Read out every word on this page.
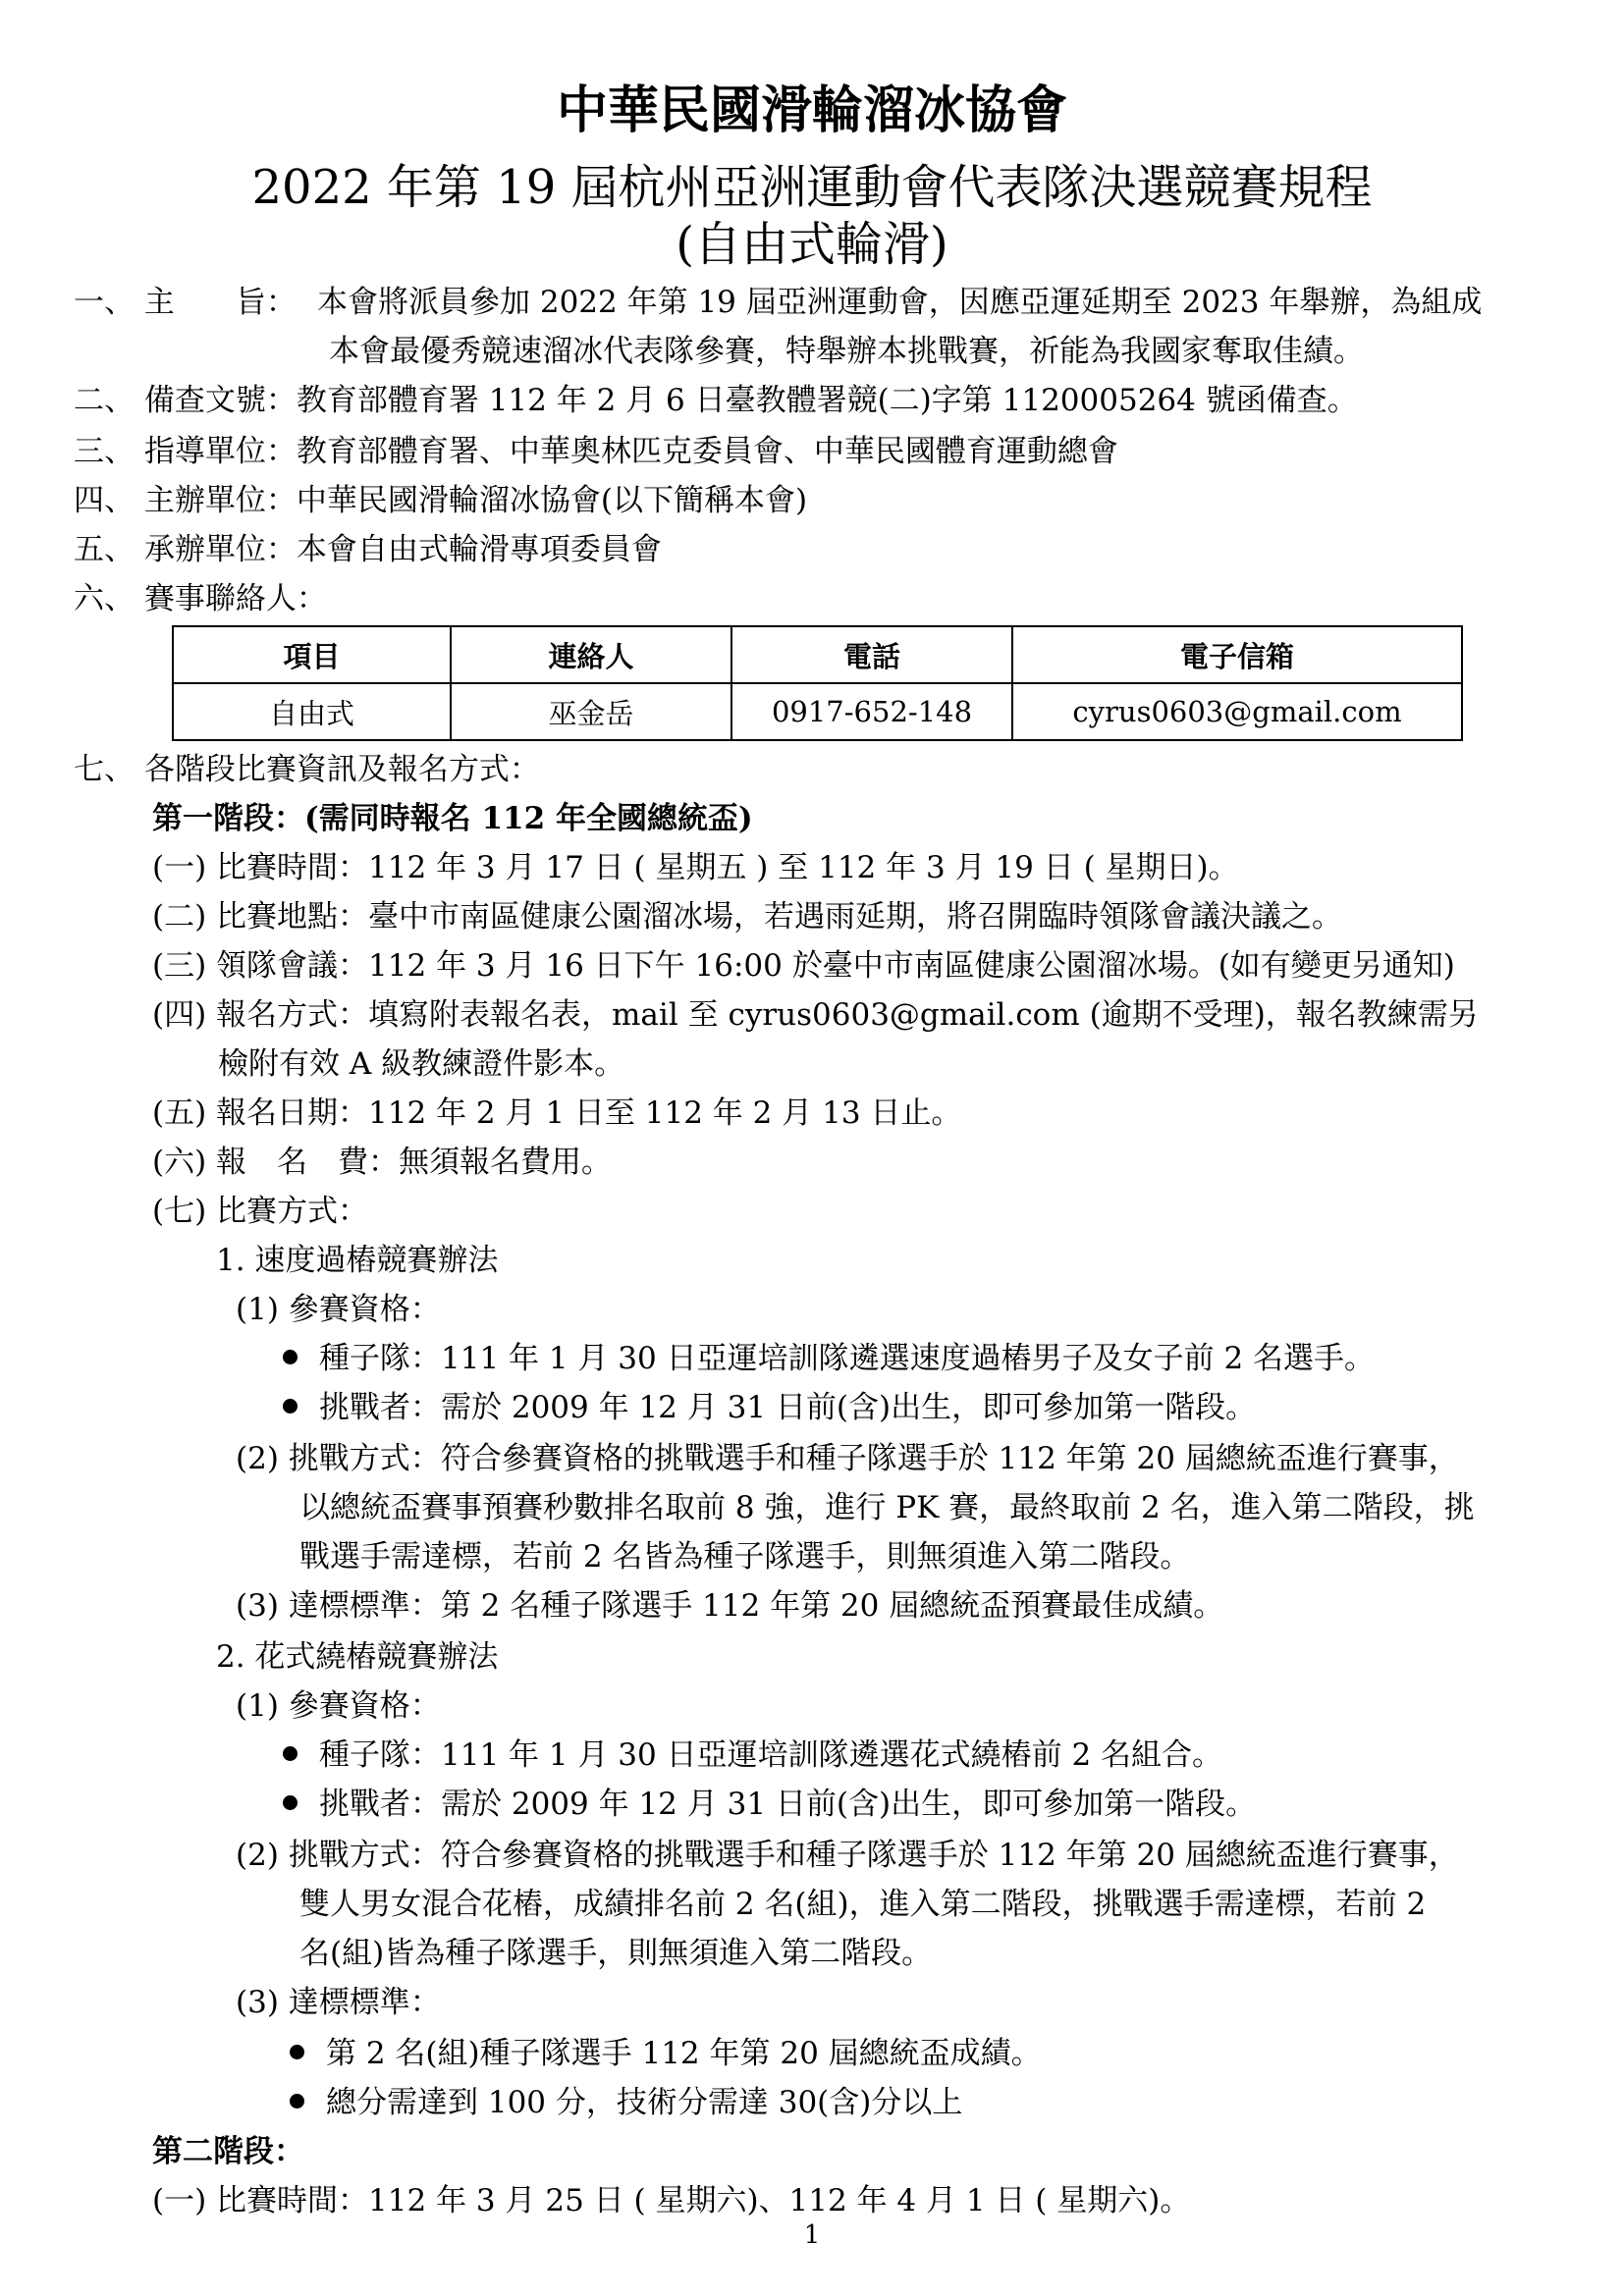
中華民國滑輪溜冰協會
2022 年第 19 屆杭州亞洲運動會代表隊決選競賽規程
(自由式輪滑)
一、 主　　旨： 本會將派員參加 2022 年第 19 屆亞洲運動會，因應亞運延期至 2023 年舉辦，為組成
本會最優秀競速溜冰代表隊參賽，特舉辦本挑戰賽，祈能為我國家奪取佳績。
二、 備查文號：教育部體育署 112 年 2 月 6 日臺教體署競(二)字第 1120005264 號函備查。
三、 指導單位：教育部體育署、中華奧林匹克委員會、中華民國體育運動總會
四、 主辦單位：中華民國滑輪溜冰協會(以下簡稱本會)
五、 承辦單位：本會自由式輪滑專項委員會
六、 賽事聯絡人：
項目	連絡人	電話	電子信箱
自由式	巫金岳	0917-652-148	cyrus0603@gmail.com
七、 各階段比賽資訊及報名方式：
第一階段：(需同時報名 112 年全國總統盃)
(一) 比賽時間：112 年 3 月 17 日 ( 星期五 ) 至 112 年 3 月 19 日 ( 星期日)。
(二) 比賽地點：臺中市南區健康公園溜冰場，若遇雨延期，將召開臨時領隊會議決議之。
(三) 領隊會議：112 年 3 月 16 日下午 16:00 於臺中市南區健康公園溜冰場。(如有變更另通知)
(四) 報名方式：填寫附表報名表，mail 至 cyrus0603@gmail.com (逾期不受理)，報名教練需另
檢附有效 A 級教練證件影本。
(五) 報名日期：112 年 2 月 1 日至 112 年 2 月 13 日止。
(六) 報　名　費：無須報名費用。
(七) 比賽方式：
1. 速度過樁競賽辦法
(1) 參賽資格：
種子隊：111 年 1 月 30 日亞運培訓隊遴選速度過樁男子及女子前 2 名選手。
挑戰者：需於 2009 年 12 月 31 日前(含)出生，即可參加第一階段。
(2) 挑戰方式：符合參賽資格的挑戰選手和種子隊選手於 112 年第 20 屆總統盃進行賽事，
以總統盃賽事預賽秒數排名取前 8 強，進行 PK 賽，最終取前 2 名，進入第二階段，挑
戰選手需達標，若前 2 名皆為種子隊選手，則無須進入第二階段。
(3) 達標標準：第 2 名種子隊選手 112 年第 20 屆總統盃預賽最佳成績。
2. 花式繞樁競賽辦法
(1) 參賽資格：
種子隊：111 年 1 月 30 日亞運培訓隊遴選花式繞樁前 2 名組合。
挑戰者：需於 2009 年 12 月 31 日前(含)出生，即可參加第一階段。
(2) 挑戰方式：符合參賽資格的挑戰選手和種子隊選手於 112 年第 20 屆總統盃進行賽事，
雙人男女混合花樁，成績排名前 2 名(組)，進入第二階段，挑戰選手需達標，若前 2
名(組)皆為種子隊選手，則無須進入第二階段。
(3) 達標標準：
第 2 名(組)種子隊選手 112 年第 20 屆總統盃成績。
總分需達到 100 分，技術分需達 30(含)分以上
第二階段：
(一) 比賽時間：112 年 3 月 25 日 ( 星期六)、112 年 4 月 1 日 ( 星期六)。
1
